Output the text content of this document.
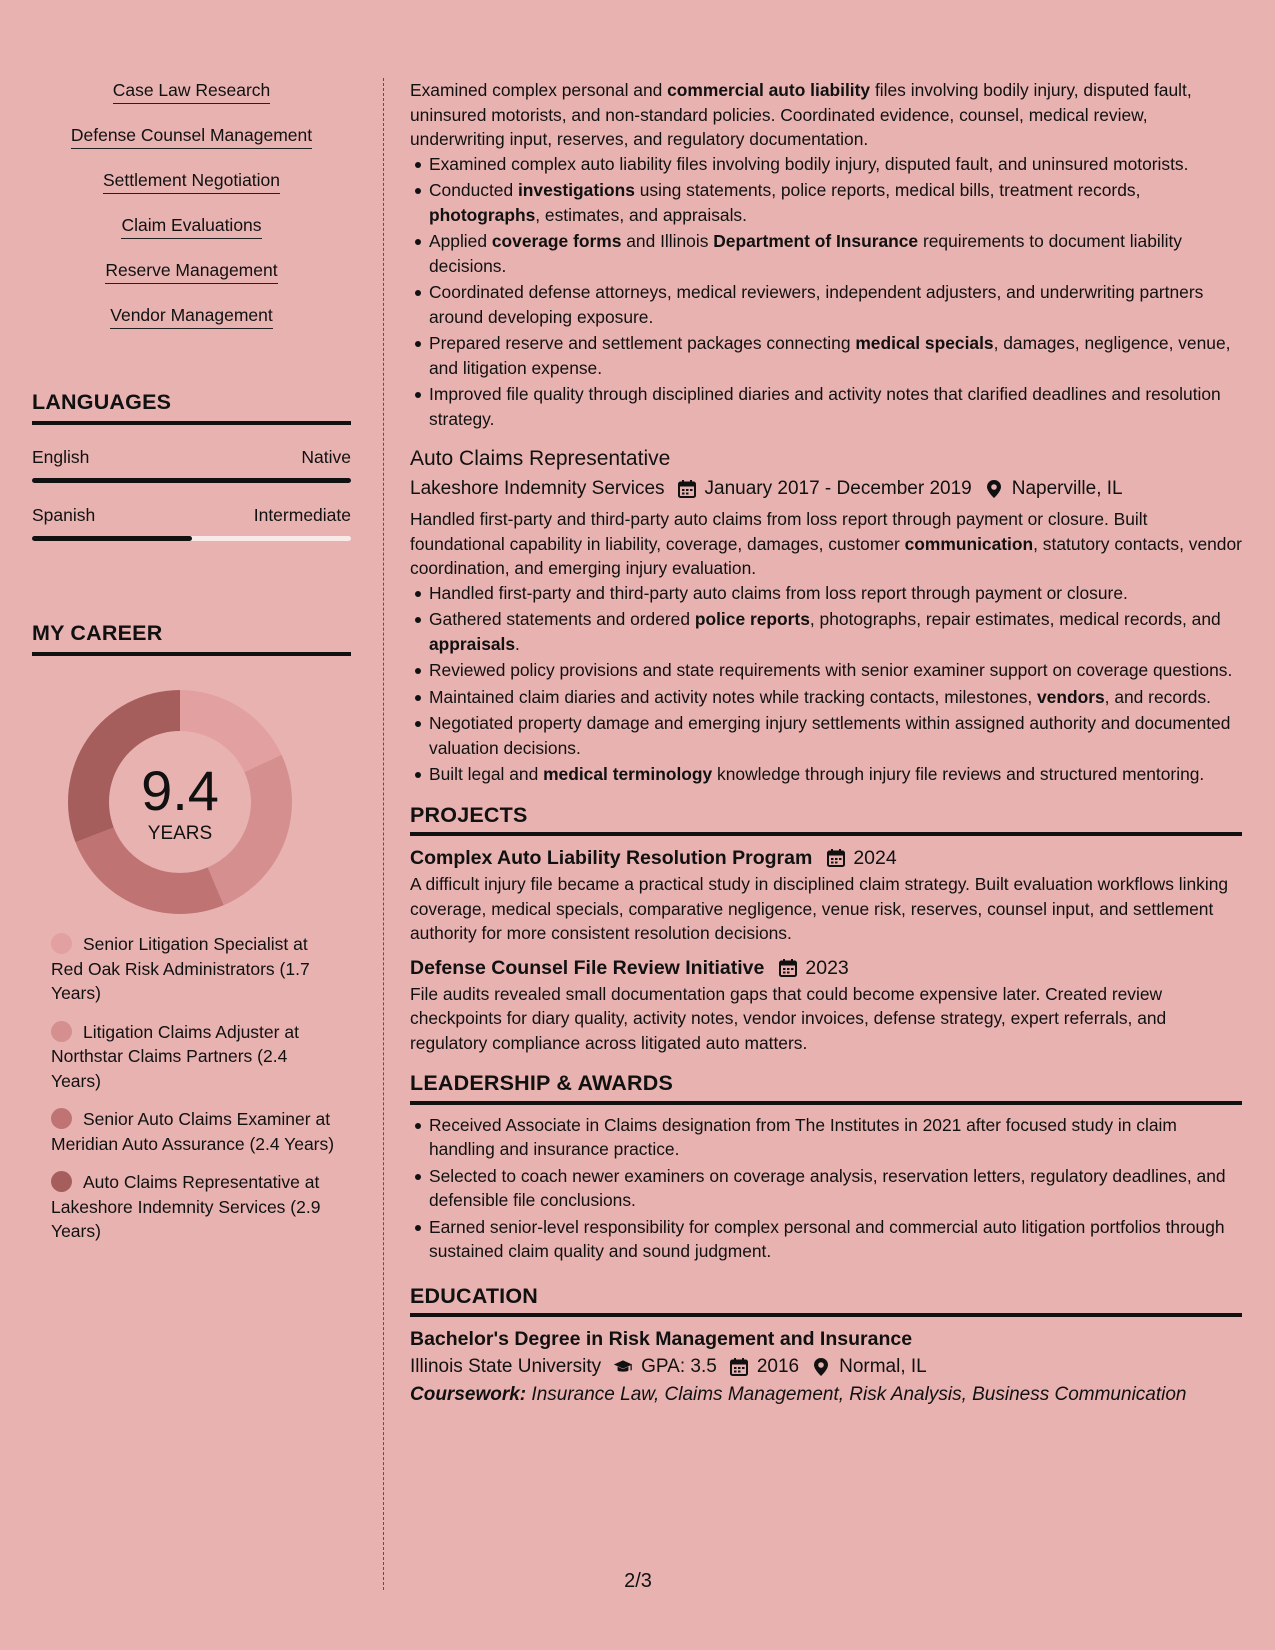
Case Law Research
Defense Counsel Management
Settlement Negotiation
Claim Evaluations
Reserve Management
Vendor Management
LANGUAGES
English	Native
Spanish	Intermediate
MY CAREER
9.4
YEARS
Senior Litigation Specialist at Red Oak Risk Administrators (1.7 Years)
Litigation Claims Adjuster at Northstar Claims Partners (2.4 Years)
Senior Auto Claims Examiner at Meridian Auto Assurance (2.4 Years)
Auto Claims Representative at Lakeshore Indemnity Services (2.9 Years)

Examined complex personal and commercial auto liability files involving bodily injury, disputed fault, uninsured motorists, and non-standard policies. Coordinated evidence, counsel, medical review, underwriting input, reserves, and regulatory documentation.

Examined complex auto liability files involving bodily injury, disputed fault, and uninsured motorists.
Conducted investigations using statements, police reports, medical bills, treatment records, photographs, estimates, and appraisals.
Applied coverage forms and Illinois Department of Insurance requirements to document liability decisions.
Coordinated defense attorneys, medical reviewers, independent adjusters, and underwriting partners around developing exposure.
Prepared reserve and settlement packages connecting medical specials, damages, negligence, venue, and litigation expense.
Improved file quality through disciplined diaries and activity notes that clarified deadlines and resolution strategy.
Auto Claims Representative
Lakeshore Indemnity Services January 2017 - December 2019 Naperville, IL

Handled first-party and third-party auto claims from loss report through payment or closure. Built foundational capability in liability, coverage, damages, customer communication, statutory contacts, vendor coordination, and emerging injury evaluation.

Handled first-party and third-party auto claims from loss report through payment or closure.
Gathered statements and ordered police reports, photographs, repair estimates, medical records, and appraisals.
Reviewed policy provisions and state requirements with senior examiner support on coverage questions.
Maintained claim diaries and activity notes while tracking contacts, milestones, vendors, and records.
Negotiated property damage and emerging injury settlements within assigned authority and documented valuation decisions.
Built legal and medical terminology knowledge through injury file reviews and structured mentoring.
PROJECTS
Complex Auto Liability Resolution Program 2024

A difficult injury file became a practical study in disciplined claim strategy. Built evaluation workflows linking coverage, medical specials, comparative negligence, venue risk, reserves, counsel input, and settlement authority for more consistent resolution decisions.

Defense Counsel File Review Initiative 2023

File audits revealed small documentation gaps that could become expensive later. Created review checkpoints for diary quality, activity notes, vendor invoices, defense strategy, expert referrals, and regulatory compliance across litigated auto matters.

LEADERSHIP & AWARDS
Received Associate in Claims designation from The Institutes in 2021 after focused study in claim handling and insurance practice.
Selected to coach newer examiners on coverage analysis, reservation letters, regulatory deadlines, and defensible file conclusions.
Earned senior-level responsibility for complex personal and commercial auto litigation portfolios through sustained claim quality and sound judgment.
EDUCATION
Bachelor's Degree in Risk Management and Insurance
Illinois State University GPA: 3.5 2016 Normal, IL
Coursework: Insurance Law, Claims Management, Risk Analysis, Business Communication
2/3
